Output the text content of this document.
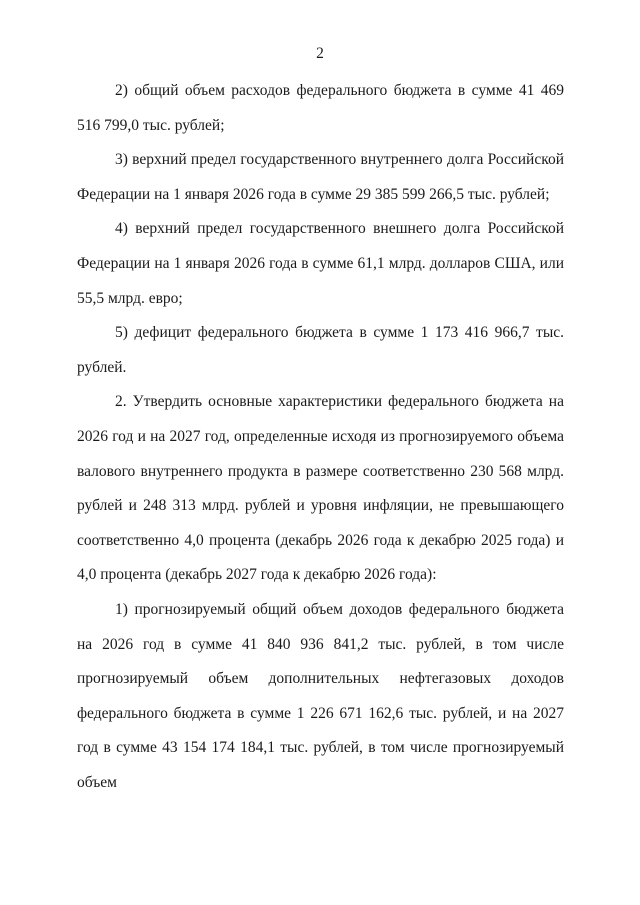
2

2) общий объем расходов федерального бюджета в сумме 41 469 516 799,0 тыс. рублей;

3) верхний предел государственного внутреннего долга Российской Федерации на 1 января 2026 года в сумме 29 385 599 266,5 тыс. рублей;

4) верхний предел государственного внешнего долга Российской Федерации на 1 января 2026 года в сумме 61,1 млрд. долларов США, или 55,5 млрд. евро;

5) дефицит федерального бюджета в сумме 1 173 416 966,7 тыс. рублей.

2. Утвердить основные характеристики федерального бюджета на 2026 год и на 2027 год, определенные исходя из прогнозируемого объема валового внутреннего продукта в размере соответственно 230 568 млрд. рублей и 248 313 млрд. рублей и уровня инфляции, не превышающего соответственно 4,0 процента (декабрь 2026 года к декабрю 2025 года) и 4,0 процента (декабрь 2027 года к декабрю 2026 года):

1) прогнозируемый общий объем доходов федерального бюджета на 2026 год в сумме 41 840 936 841,2 тыс. рублей, в том числе прогнозируемый объем дополнительных нефтегазовых доходов федерального бюджета в сумме 1 226 671 162,6 тыс. рублей, и на 2027 год в сумме 43 154 174 184,1 тыс. рублей, в том числе прогнозируемый объем
